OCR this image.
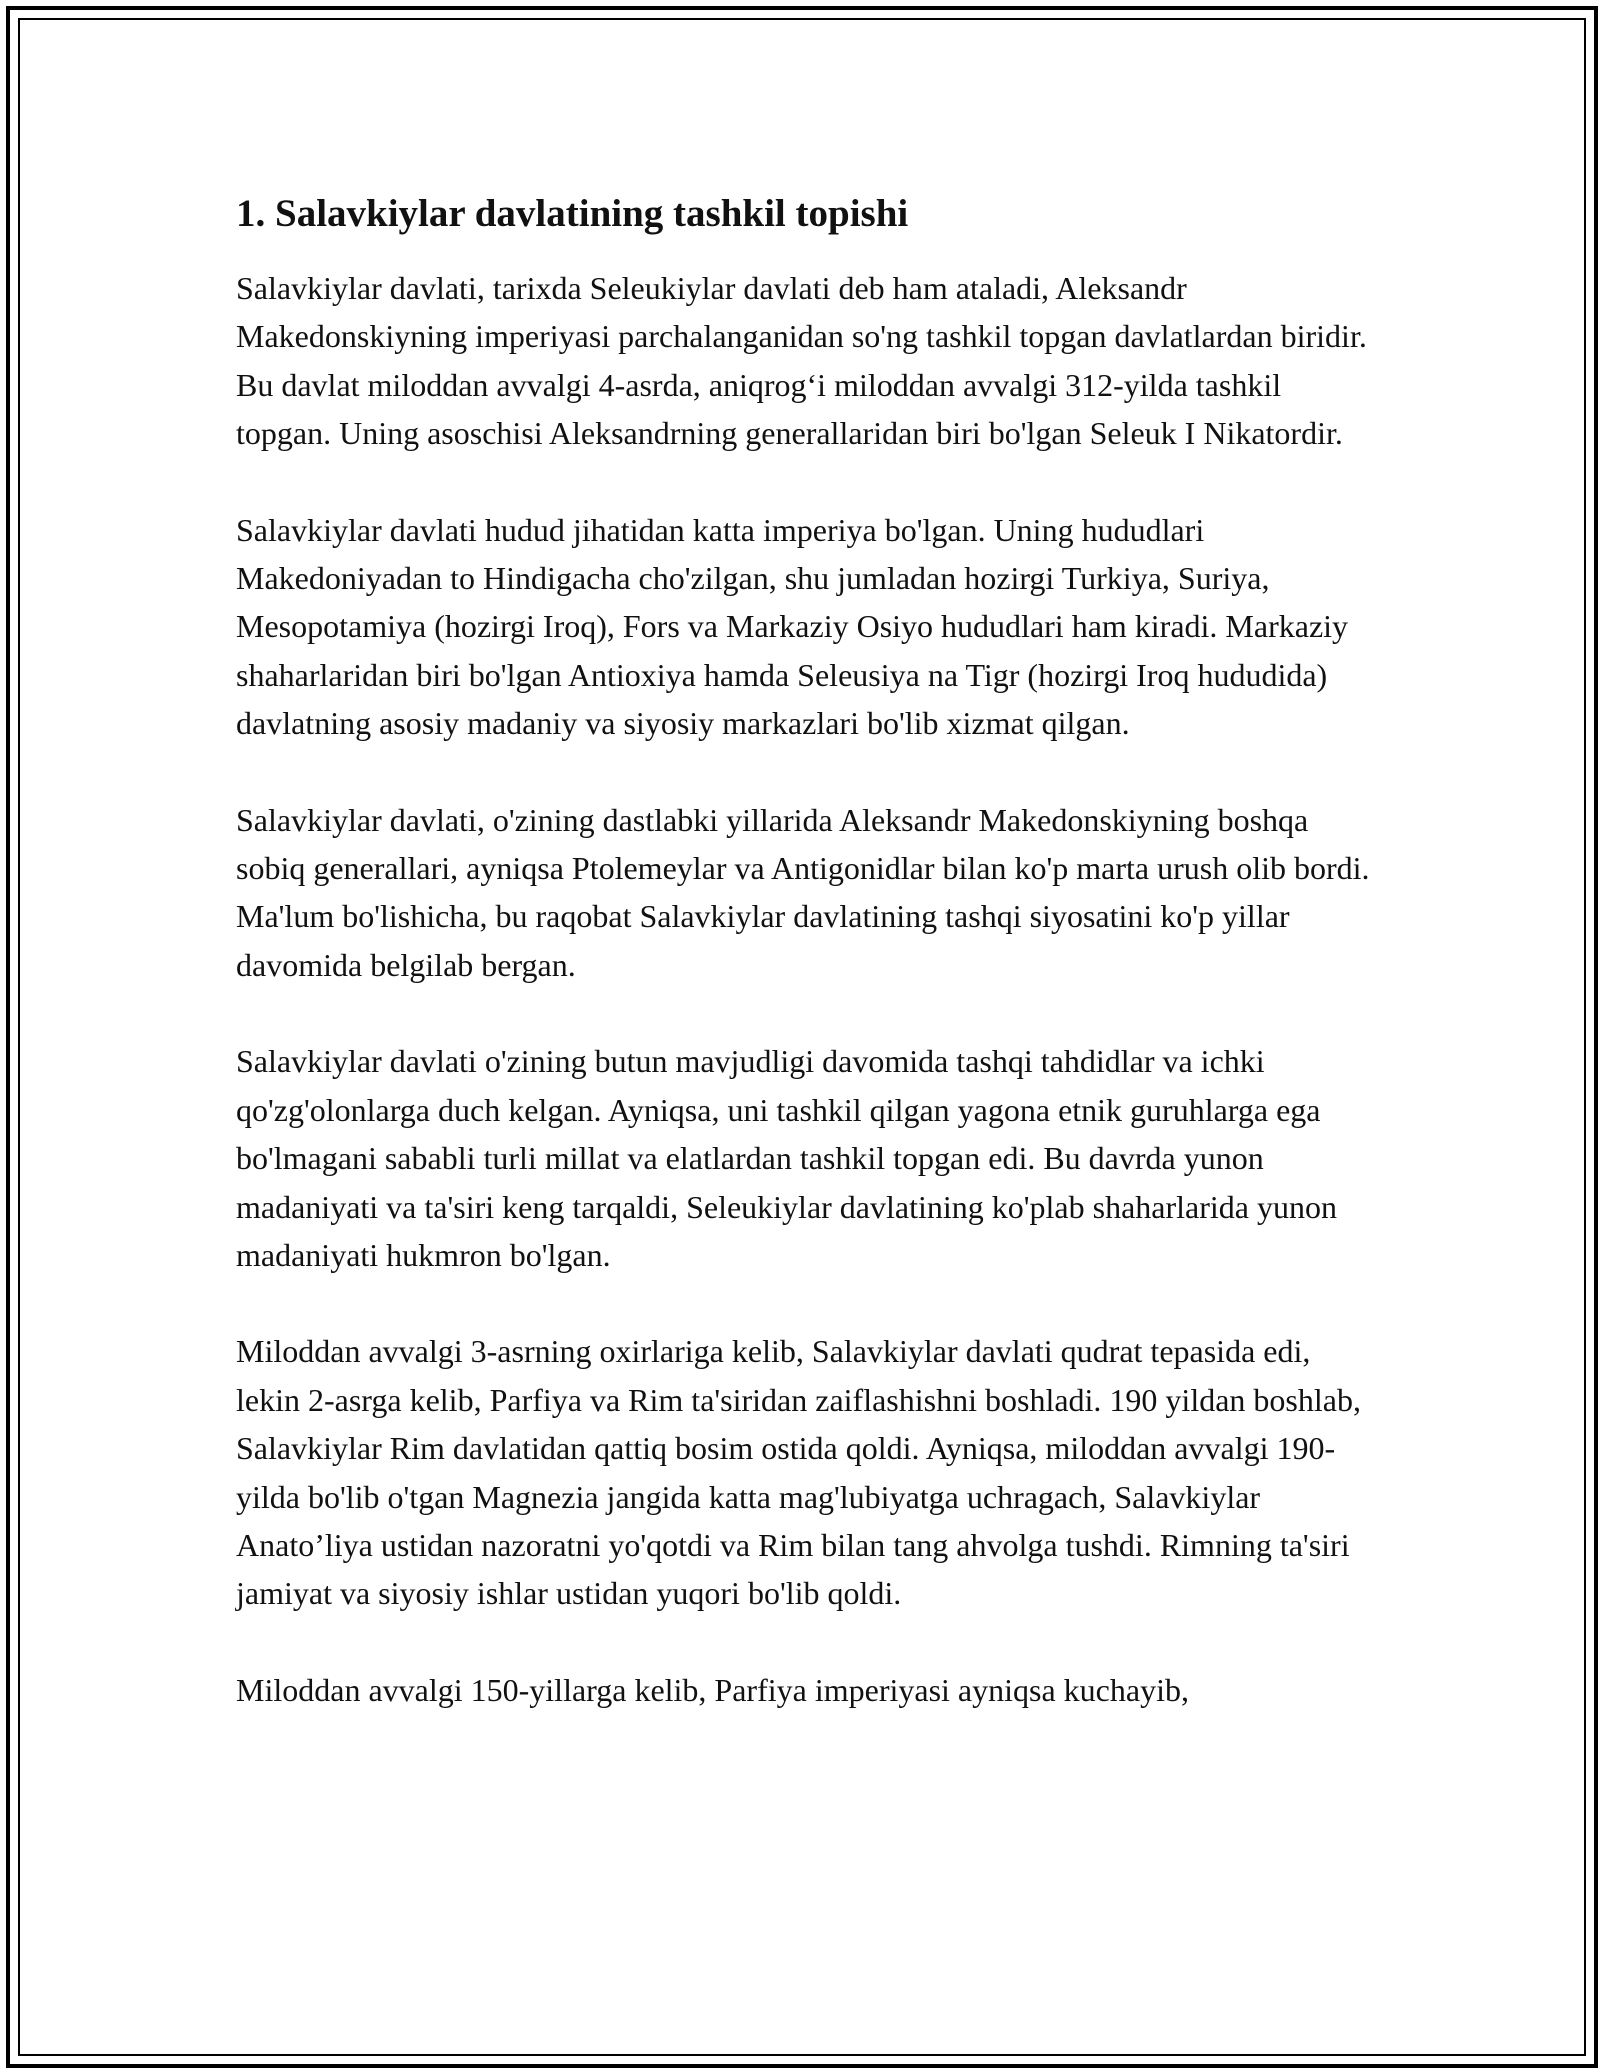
1. Salavkiylar davlatining tashkil topishi

Salavkiylar davlati, tarixda Seleukiylar davlati deb ham ataladi, Aleksandr Makedonskiyning imperiyasi parchalanganidan so'ng tashkil topgan davlatlardan biridir. Bu davlat miloddan avvalgi 4-asrda, aniqrog‘i miloddan avvalgi 312-yilda tashkil topgan. Uning asoschisi Aleksandrning generallaridan biri bo'lgan Seleuk I Nikatordir.

Salavkiylar davlati hudud jihatidan katta imperiya bo'lgan. Uning hududlari Makedoniyadan to Hindigacha cho'zilgan, shu jumladan hozirgi Turkiya, Suriya, Mesopotamiya (hozirgi Iroq), Fors va Markaziy Osiyo hududlari ham kiradi. Markaziy shaharlaridan biri bo'lgan Antioxiya hamda Seleusiya na Tigr (hozirgi Iroq hududida) davlatning asosiy madaniy va siyosiy markazlari bo'lib xizmat qilgan.

Salavkiylar davlati, o'zining dastlabki yillarida Aleksandr Makedonskiyning boshqa sobiq generallari, ayniqsa Ptolemeylar va Antigonidlar bilan ko'p marta urush olib bordi. Ma'lum bo'lishicha, bu raqobat Salavkiylar davlatining tashqi siyosatini ko'p yillar davomida belgilab bergan.

Salavkiylar davlati o'zining butun mavjudligi davomida tashqi tahdidlar va ichki qo'zg'olonlarga duch kelgan. Ayniqsa, uni tashkil qilgan yagona etnik guruhlarga ega bo'lmagani sababli turli millat va elatlardan tashkil topgan edi. Bu davrda yunon madaniyati va ta'siri keng tarqaldi, Seleukiylar davlatining ko'plab shaharlarida yunon madaniyati hukmron bo'lgan.

Miloddan avvalgi 3-asrning oxirlariga kelib, Salavkiylar davlati qudrat tepasida edi, lekin 2-asrga kelib, Parfiya va Rim ta'siridan zaiflashishni boshladi. 190 yildan boshlab, Salavkiylar Rim davlatidan qattiq bosim ostida qoldi. Ayniqsa, miloddan avvalgi 190-yilda bo'lib o'tgan Magnezia jangida katta mag'lubiyatga uchragach, Salavkiylar Anato’liya ustidan nazoratni yo'qotdi va Rim bilan tang ahvolga tushdi. Rimning ta'siri jamiyat va siyosiy ishlar ustidan yuqori bo'lib qoldi.

Miloddan avvalgi 150-yillarga kelib, Parfiya imperiyasi ayniqsa kuchayib,
